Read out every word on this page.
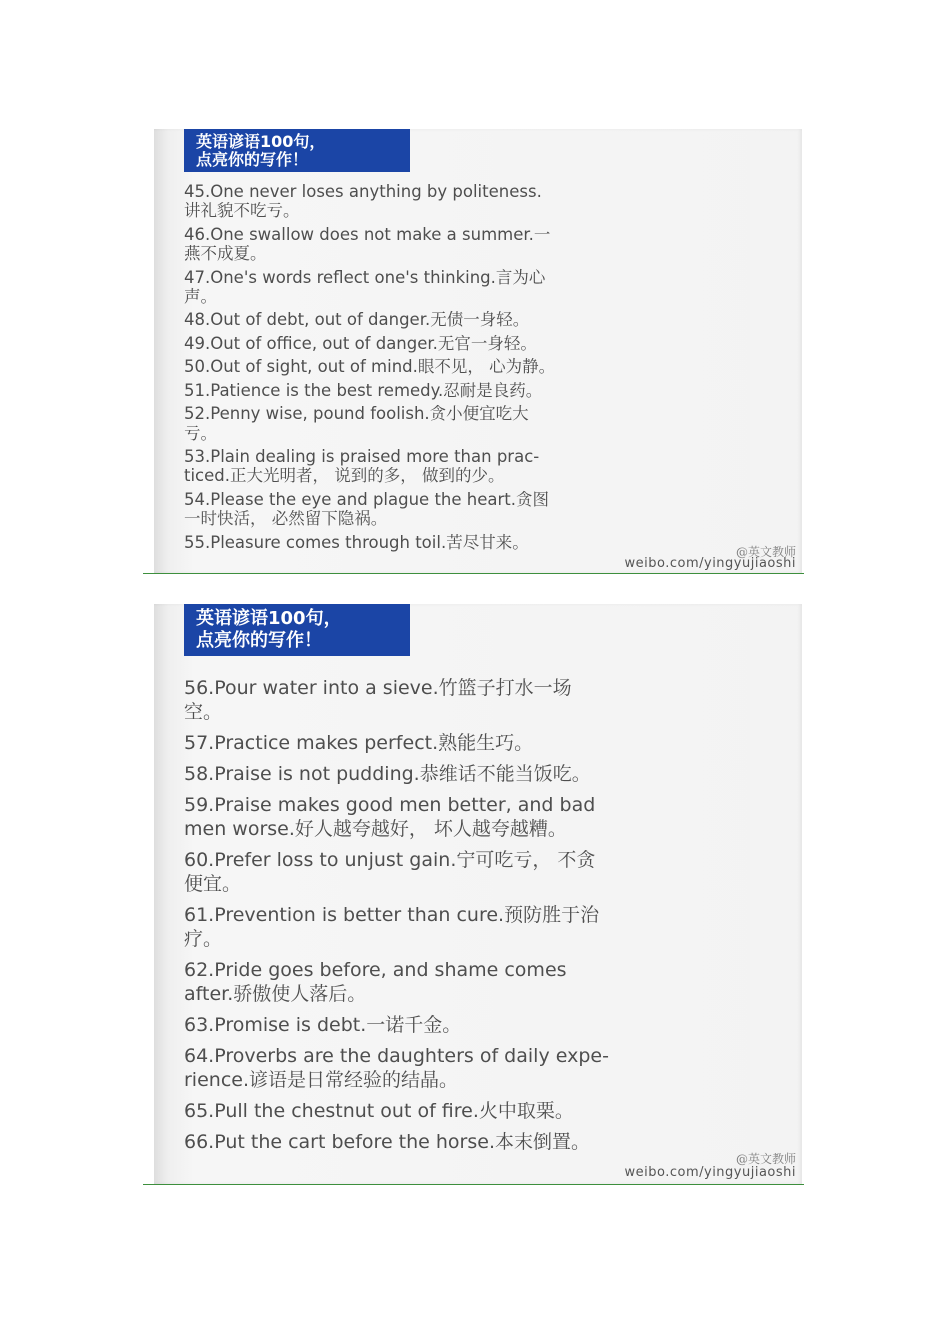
英语谚语100句，
点亮你的写作！
45.One never loses anything by politeness.
讲礼貌不吃亏。
46.One swallow does not make a summer.一
燕不成夏。
47.One's words reflect one's thinking.言为心
声。
48.Out of debt, out of danger.无债一身轻。
49.Out of office, out of danger.无官一身轻。
50.Out of sight, out of mind.眼不见， 心为静。
51.Patience is the best remedy.忍耐是良药。
52.Penny wise, pound foolish.贪小便宜吃大
亏。
53.Plain dealing is praised more than prac-
ticed.正大光明者， 说到的多， 做到的少。
54.Please the eye and plague the heart.贪图
一时快活， 必然留下隐祸。
55.Pleasure comes through toil.苦尽甘来。
@英文教师
weibo.com/yingyujiaoshi
英语谚语100句，
点亮你的写作！
56.Pour water into a sieve.竹篮子打水一场
空。
57.Practice makes perfect.熟能生巧。
58.Praise is not pudding.恭维话不能当饭吃。
59.Praise makes good men better, and bad
men worse.好人越夸越好， 坏人越夸越糟。
60.Prefer loss to unjust gain.宁可吃亏， 不贪
便宜。
61.Prevention is better than cure.预防胜于治
疗。
62.Pride goes before, and shame comes
after.骄傲使人落后。
63.Promise is debt.一诺千金。
64.Proverbs are the daughters of daily expe-
rience.谚语是日常经验的结晶。
65.Pull the chestnut out of fire.火中取栗。
66.Put the cart before the horse.本末倒置。
@英文教师
weibo.com/yingyujiaoshi
